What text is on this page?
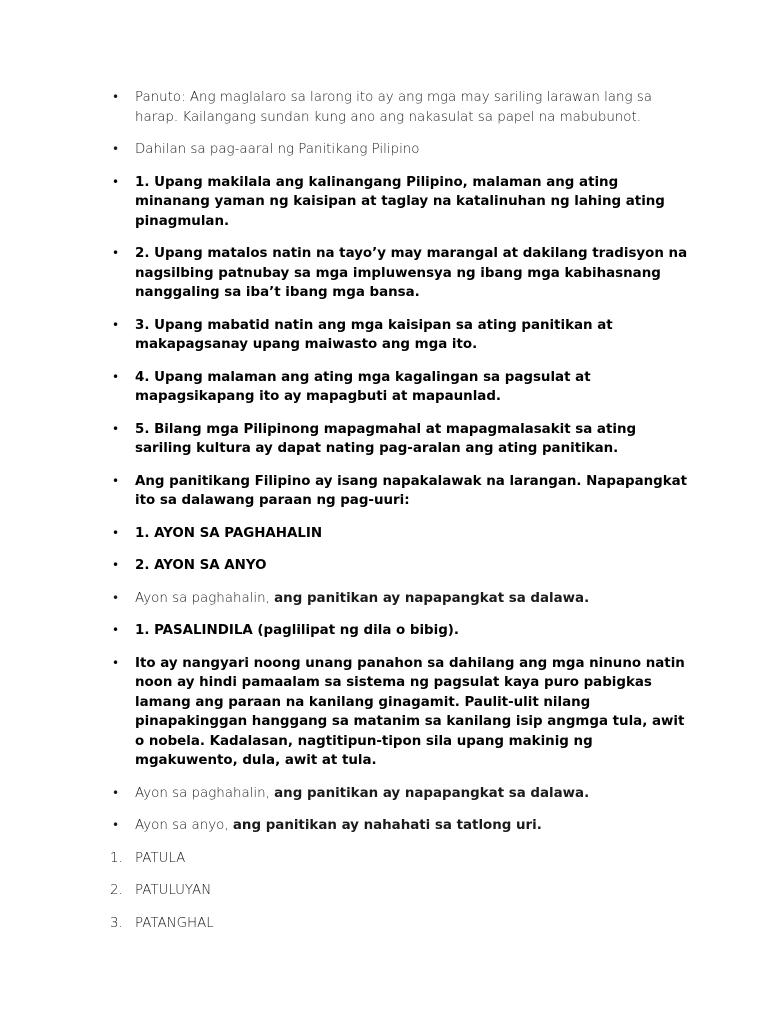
•	Panuto: Ang maglalaro sa larong ito ay ang mga may sariling larawan lang sa harap. Kailangang sundan kung ano ang nakasulat sa papel na mabubunot.
•	Dahilan sa pag-aaral ng Panitikang Pilipino
•	1. Upang makilala ang kalinangang Pilipino, malaman ang ating minanang yaman ng kaisipan at taglay na katalinuhan ng lahing ating pinagmulan.
•	2. Upang matalos natin na tayo’y may marangal at dakilang tradisyon na nagsilbing patnubay sa mga impluwensya ng ibang mga kabihasnang nanggaling sa iba’t ibang mga bansa.
•	3. Upang mabatid natin ang mga kaisipan sa ating panitikan at makapagsanay upang maiwasto ang mga ito.
•	4. Upang malaman ang ating mga kagalingan sa pagsulat at mapagsikapang ito ay mapagbuti at mapaunlad.
•	5. Bilang mga Pilipinong mapagmahal at mapagmalasakit sa ating sariling kultura ay dapat nating pag-aralan ang ating panitikan.
•	Ang panitikang Filipino ay isang napakalawak na larangan. Napapangkat ito sa dalawang paraan ng pag-uuri:
•	1. AYON SA PAGHAHALIN
•	2. AYON SA ANYO
•	Ayon sa paghahalin, ang panitikan ay napapangkat sa dalawa.
•	1. PASALINDILA (paglilipat ng dila o bibig).
•	Ito ay nangyari noong unang panahon sa dahilang ang mga ninuno natin noon ay hindi pamaalam sa sistema ng pagsulat kaya puro pabigkas lamang ang paraan na kanilang ginagamit. Paulit-ulit nilang pinapakinggan hanggang sa matanim sa kanilang isip angmga tula, awit o nobela. Kadalasan, nagtitipun-tipon sila upang makinig ng mgakuwento, dula, awit at tula.
•	Ayon sa paghahalin, ang panitikan ay napapangkat sa dalawa.
•	Ayon sa anyo, ang panitikan ay nahahati sa tatlong uri.
1. PATULA
2. PATULUYAN
3. PATANGHAL
